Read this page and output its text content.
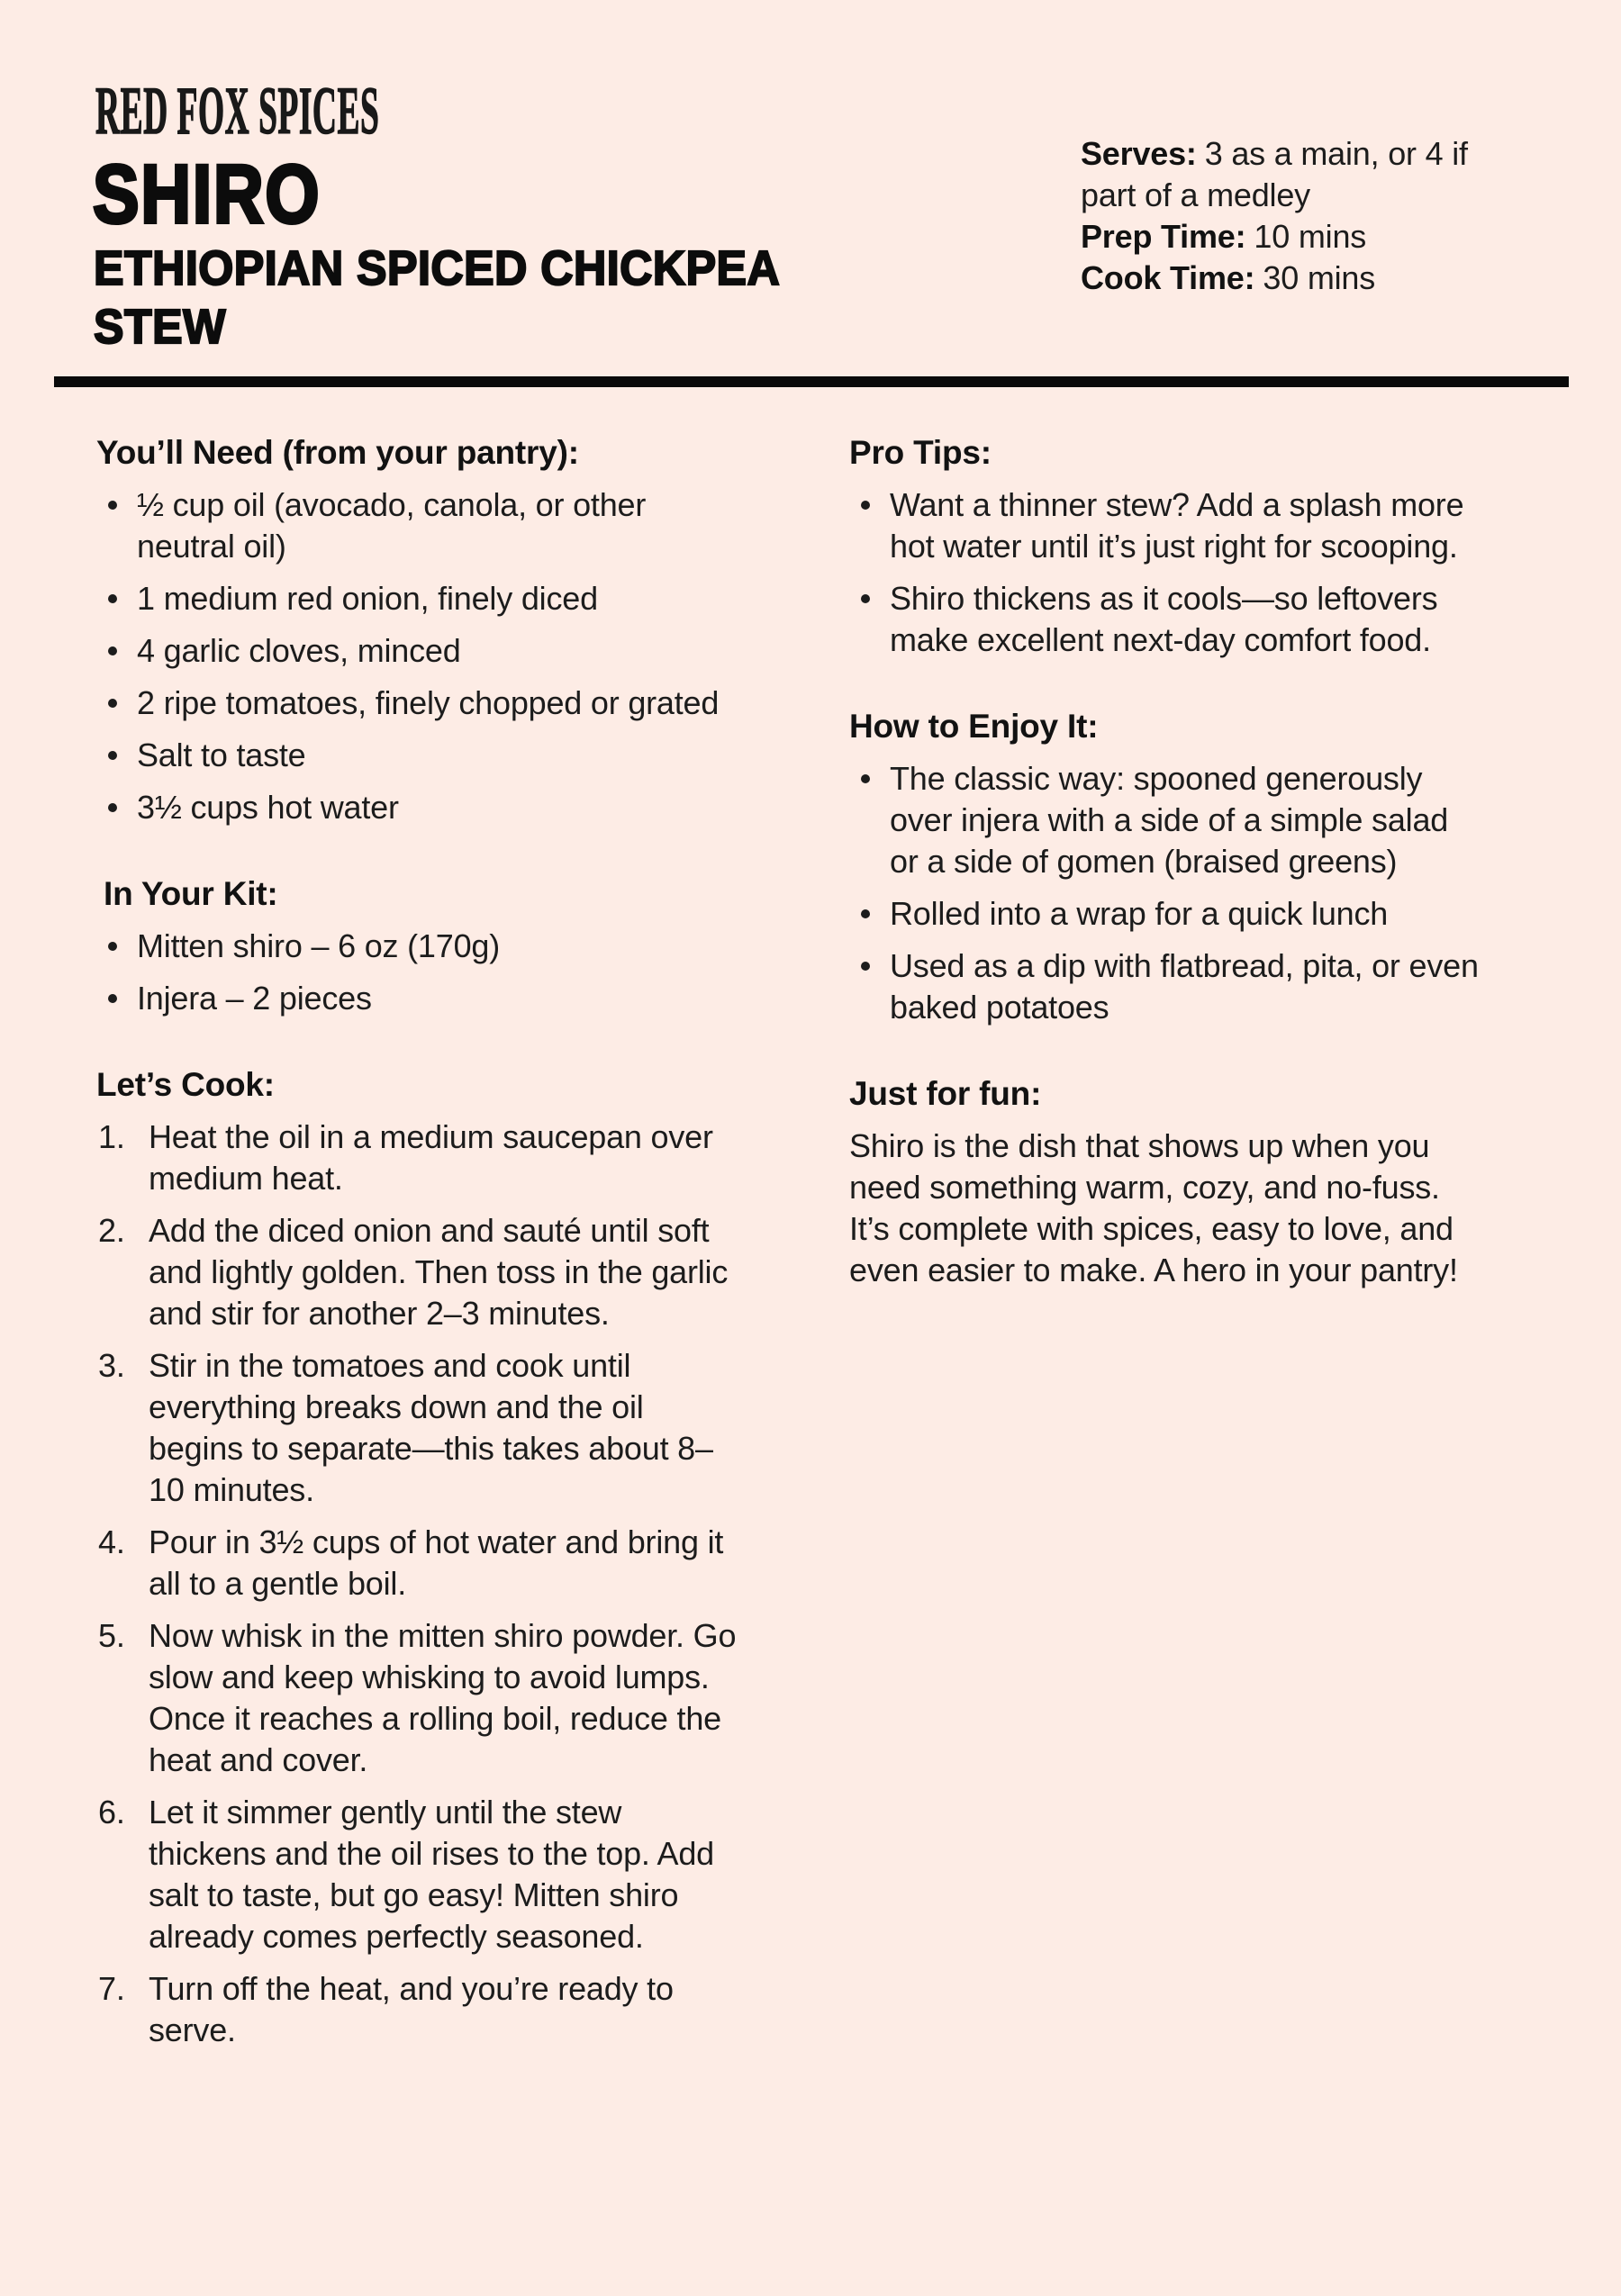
RED FOX SPICES
SHIRO
ETHIOPIAN SPICED CHICKPEA STEW
Serves: 3 as a main, or 4 if part of a medley
Prep Time: 10 mins
Cook Time: 30 mins
You’ll Need (from your pantry):
½ cup oil (avocado, canola, or other neutral oil)
1 medium red onion, finely diced
4 garlic cloves, minced
2 ripe tomatoes, finely chopped or grated
Salt to taste
3½ cups hot water
In Your Kit:
Mitten shiro – 6 oz (170g)
Injera – 2 pieces
Let’s Cook:
Heat the oil in a medium saucepan over medium heat.
Add the diced onion and sauté until soft and lightly golden. Then toss in the garlic and stir for another 2–3 minutes.
Stir in the tomatoes and cook until everything breaks down and the oil begins to separate—this takes about 8–10 minutes.
Pour in 3½ cups of hot water and bring it all to a gentle boil.
Now whisk in the mitten shiro powder. Go slow and keep whisking to avoid lumps. Once it reaches a rolling boil, reduce the heat and cover.
Let it simmer gently until the stew thickens and the oil rises to the top. Add salt to taste, but go easy! Mitten shiro already comes perfectly seasoned.
Turn off the heat, and you’re ready to serve.
Pro Tips:
Want a thinner stew? Add a splash more hot water until it’s just right for scooping.
Shiro thickens as it cools—so leftovers make excellent next-day comfort food.
How to Enjoy It:
The classic way: spooned generously over injera with a side of a simple salad or a side of gomen (braised greens)
Rolled into a wrap for a quick lunch
Used as a dip with flatbread, pita, or even baked potatoes
Just for fun:

Shiro is the dish that shows up when you need something warm, cozy, and no-fuss. It’s complete with spices, easy to love, and even easier to make. A hero in your pantry!
